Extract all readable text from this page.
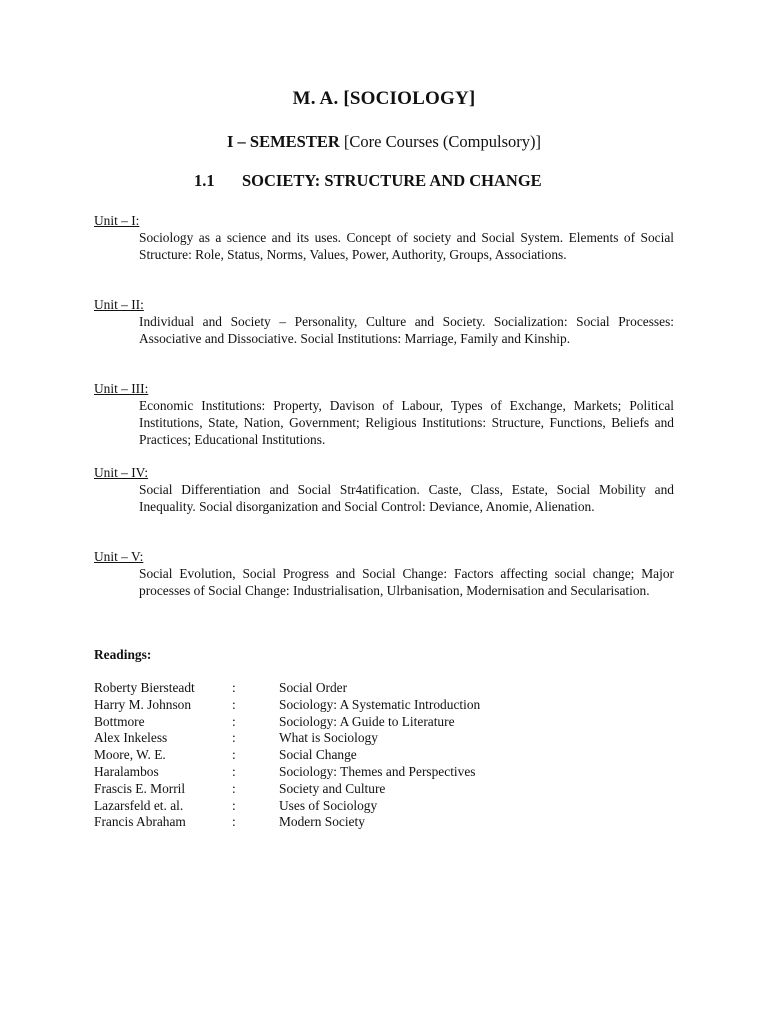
M. A. [SOCIOLOGY]
I – SEMESTER [Core Courses (Compulsory)]
1.1 SOCIETY: STRUCTURE AND CHANGE
Unit – I:
Sociology as a science and its uses. Concept of society and Social System. Elements of Social Structure: Role, Status, Norms, Values, Power, Authority, Groups, Associations.
Unit – II:
Individual and Society – Personality, Culture and Society. Socialization: Social Processes: Associative and Dissociative. Social Institutions: Marriage, Family and Kinship.
Unit – III:
Economic Institutions: Property, Davison of Labour, Types of Exchange, Markets; Political Institutions, State, Nation, Government; Religious Institutions: Structure, Functions, Beliefs and Practices; Educational Institutions.
Unit – IV:
Social Differentiation and Social Str4atification. Caste, Class, Estate, Social Mobility and Inequality. Social disorganization and Social Control: Deviance, Anomie, Alienation.
Unit – V:
Social Evolution, Social Progress and Social Change: Factors affecting social change; Major processes of Social Change: Industrialisation, Ulrbanisation, Modernisation and Secularisation.
Readings:
Roberty Biersteadt	:	Social Order
Harry M. Johnson	:	Sociology: A Systematic Introduction
Bottmore	:	Sociology: A Guide to Literature
Alex Inkeless	:	What is Sociology
Moore, W. E.	:	Social Change
Haralambos	:	Sociology: Themes and Perspectives
Frascis E. Morril	:	Society and Culture
Lazarsfeld et. al.	:	Uses of Sociology
Francis Abraham	:	Modern Society
